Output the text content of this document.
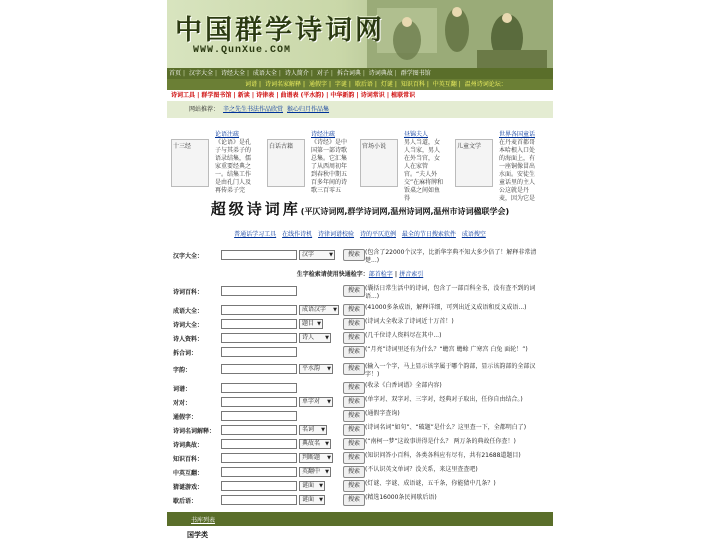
中国群学诗词网
WWW.QunXue.COM
首页 | 汉字大全 | 诗经大全 | 成语大全 | 诗人简介 | 对子 | 拆合词典 | 诗词典故 | 群学图书馆
词谱 | 诗词名家解释 | 通假字 | 字谜 | 歇后语 | 灯谜 | 知识百科 | 中英互翻 | 温州诗词论坛：
诗词工具 | 群学图书馆 | 新读 | 诗律表 | 曲谱表 (平水韵) | 中华新韵 | 诗词常识 | 植联常识
网站推荐： 辛之先生书法作品欣赏 猴心归月作品集
十三经
论语注疏
《论语》是孔子与其弟子的语录结集，儒家重要经典之一。结集工作是由孔门人及再传弟子完
白话古籍
诗经注疏
《诗经》是中国第一部诗歌总集。它汇集了从西周初年到春秋中期五百多年间的诗歌三百零五
官场小说
昼锦夫人
男人当道，女人当家，男人在外当官，女人在家管官。“夫人外交”在麻将牌和饭桌之间如鱼得
儿童文学
世界各国童话
在丹麦首都哥本哈根入口处的海面上，有一座铜像冒出水面。安徒生童话里的主人公这就是丹麦，因为它是
超级诗词库(平仄诗词网,群学诗词网,温州诗词网,温州市诗词楹联学会)
普通话学习工具 在线作诗机 诗律词谱校验 诗的平仄范例 最全的节日搜索软件 成语搜空
汉字大全：	汉字	▼	搜索 (包含了22000个汉字，比新华字典不知大多少倍了！解释非常清楚...)
生字检索请使用快通检字：部首检字 | 拼音索引
诗词百科：	搜索 (囊括日常生活中的诗词，包含了一部百科全书，没有查不到的词语...)
成语大全：	成语汉字 ▼	搜索 (41000多条成语，解释详细，可列出近义成语和反义成语...)
诗词大全：	题目 ▼	搜索 (诗词大全收录了诗词近十万首！)
诗人资料：	诗人 ▼	搜索 (几千位诗人资料尽在其中...)
拆合词：	搜索 (“月亮”诗词里还有为什么？“蟾宫 蟾蜍 广寒宫 白兔 面轮！”)
字韵：	平水韵 ▼	搜索 (输入一个字，马上显示该字属于哪个韵部，显示该韵部的全部汉字！)
词谱：	搜索 (收录《白香词谱》全部内容)
对对：	单字对 ▼	搜索 (单字对、双字对、三字对，经典对子取出，任你自由结合。)
通假字：	搜索 (通假字查询)
诗词名词解释：	名词 ▼	搜索 (诗词名词“如句”、“破题”是什么？这里查一下，全都明白了)
诗词典故：	典故名 ▼	搜索 (“南柯一梦”这故事讲得是什么？ 两万条的典故任你查！)
知识百科：	判断题 ▼	搜索 (知识问答小百科，各类各科应有尽有，共有21688道题目)
中英互翻：	英翻中 ▼	搜索 (不认识英文单词？没关系，来这里查查吧)
猜谜游戏：	谜面 ▼	搜索 (灯谜、字谜、成语谜，五千条，你能猜中几条？)
歇后语：	谜面 ▼	搜索 (精选16000条民间歇后语)
书库列表
国学类
